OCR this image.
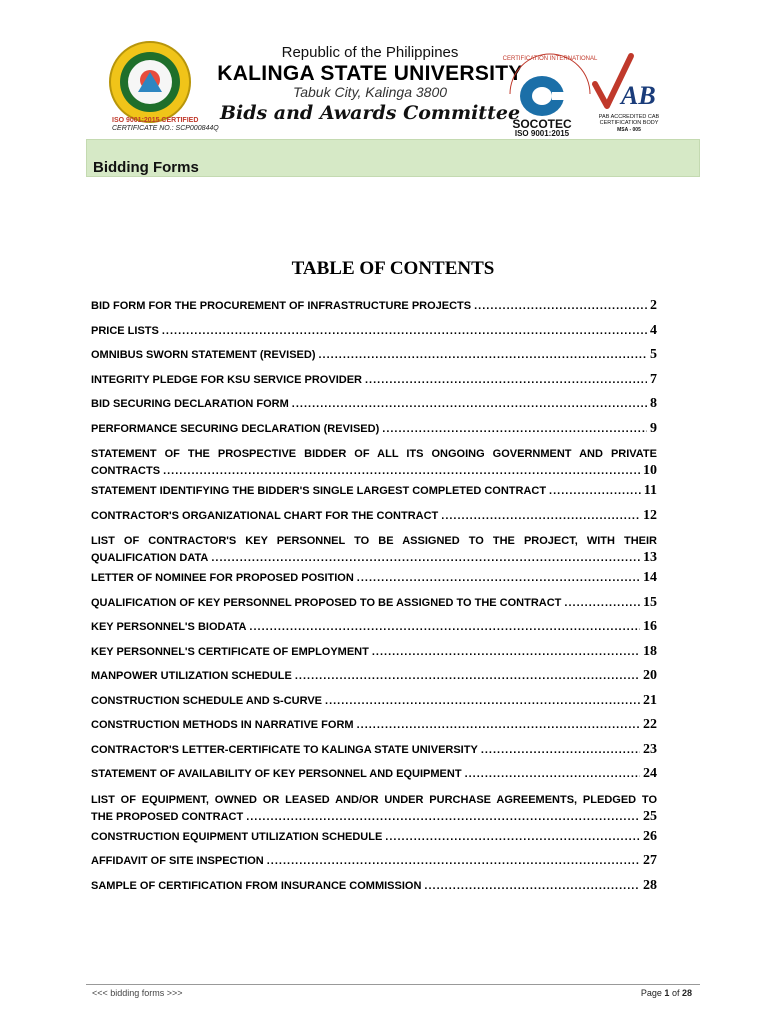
ISO 9001:2015 CERTIFIED
CERTIFICATE NO.: SCP000844Q
Republic of the Philippines
KALINGA STATE UNIVERSITY
Tabuk City, Kalinga 3800
Bids and Awards Committee
CERTIFICATION INTERNATIONAL
SOCOTEC
ISO 9001:2015
AB
PAB ACCREDITED CAB
CERTIFICATION BODY
MSA - 005
Bidding Forms
TABLE OF CONTENTS
BID FORM FOR THE PROCUREMENT OF INFRASTRUCTURE PROJECTS .....	2
PRICE LISTS .....	4
OMNIBUS SWORN STATEMENT (REVISED) .....	5
INTEGRITY PLEDGE FOR KSU SERVICE PROVIDER .....	7
BID SECURING DECLARATION FORM .....	8
PERFORMANCE SECURING DECLARATION (REVISED) .....	9
STATEMENT OF THE PROSPECTIVE BIDDER OF ALL ITS ONGOING GOVERNMENT AND PRIVATE
CONTRACTS .....	10
STATEMENT IDENTIFYING THE BIDDER'S SINGLE LARGEST COMPLETED CONTRACT .....	11
CONTRACTOR'S ORGANIZATIONAL CHART FOR THE CONTRACT .....	12
LIST OF CONTRACTOR'S KEY PERSONNEL TO BE ASSIGNED TO THE PROJECT, WITH THEIR
QUALIFICATION DATA .....	13
LETTER OF NOMINEE FOR PROPOSED POSITION .....	14
QUALIFICATION OF KEY PERSONNEL PROPOSED TO BE ASSIGNED TO THE CONTRACT .....	15
KEY PERSONNEL'S BIODATA .....	16
KEY PERSONNEL'S CERTIFICATE OF EMPLOYMENT .....	18
MANPOWER UTILIZATION SCHEDULE .....	20
CONSTRUCTION SCHEDULE AND S-CURVE .....	21
CONSTRUCTION METHODS IN NARRATIVE FORM .....	22
CONTRACTOR'S LETTER-CERTIFICATE TO KALINGA STATE UNIVERSITY .....	23
STATEMENT OF AVAILABILITY OF KEY PERSONNEL AND EQUIPMENT .....	24
LIST OF EQUIPMENT, OWNED OR LEASED AND/OR UNDER PURCHASE AGREEMENTS, PLEDGED TO
THE PROPOSED CONTRACT .....	25
CONSTRUCTION EQUIPMENT UTILIZATION SCHEDULE .....	26
AFFIDAVIT OF SITE INSPECTION .....	27
SAMPLE OF CERTIFICATION FROM INSURANCE COMMISSION .....	28
<<< bidding forms >>>	Page 1 of 28
